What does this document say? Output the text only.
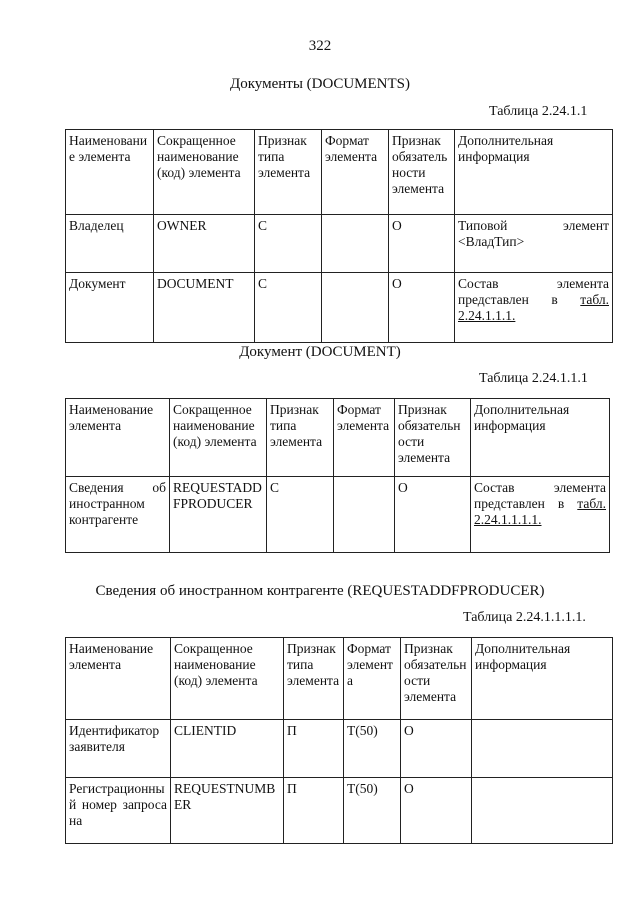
322
Документы (DOCUMENTS)
Таблица 2.24.1.1
Наименование элемента	Сокращенное наименование (код) элемента	Признак типа элемента	Формат элемента	Признак обязательности элемента	Дополнительная информация
Владелец	OWNER	С		О	Типовой элемент <ВладТип>
Документ	DOCUMENT	С		О	Состав элемента представлен в табл. 2.24.1.1.1.
Документ (DOCUMENT)
Таблица 2.24.1.1.1
Наименование элемента	Сокращенное наименование (код) элемента	Признак типа элемента	Формат элемента	Признак обязательности элемента	Дополнительная информация
Сведения об иностранном контрагенте	REQUESTADDFPRODUCER	С		О	Состав элемента представлен в табл. 2.24.1.1.1.1.
Сведения об иностранном контрагенте (REQUESTADDFPRODUCER)
Таблица 2.24.1.1.1.1.
Наименование элемента	Сокращенное наименование (код) элемента	Признак типа элемента	Формат элемента	Признак обязательности элемента	Дополнительная информация
Идентификатор заявителя	CLIENTID	П	T(50)	О	
Регистрационный номер запроса на	REQUESTNUMBER	П	T(50)	О	
